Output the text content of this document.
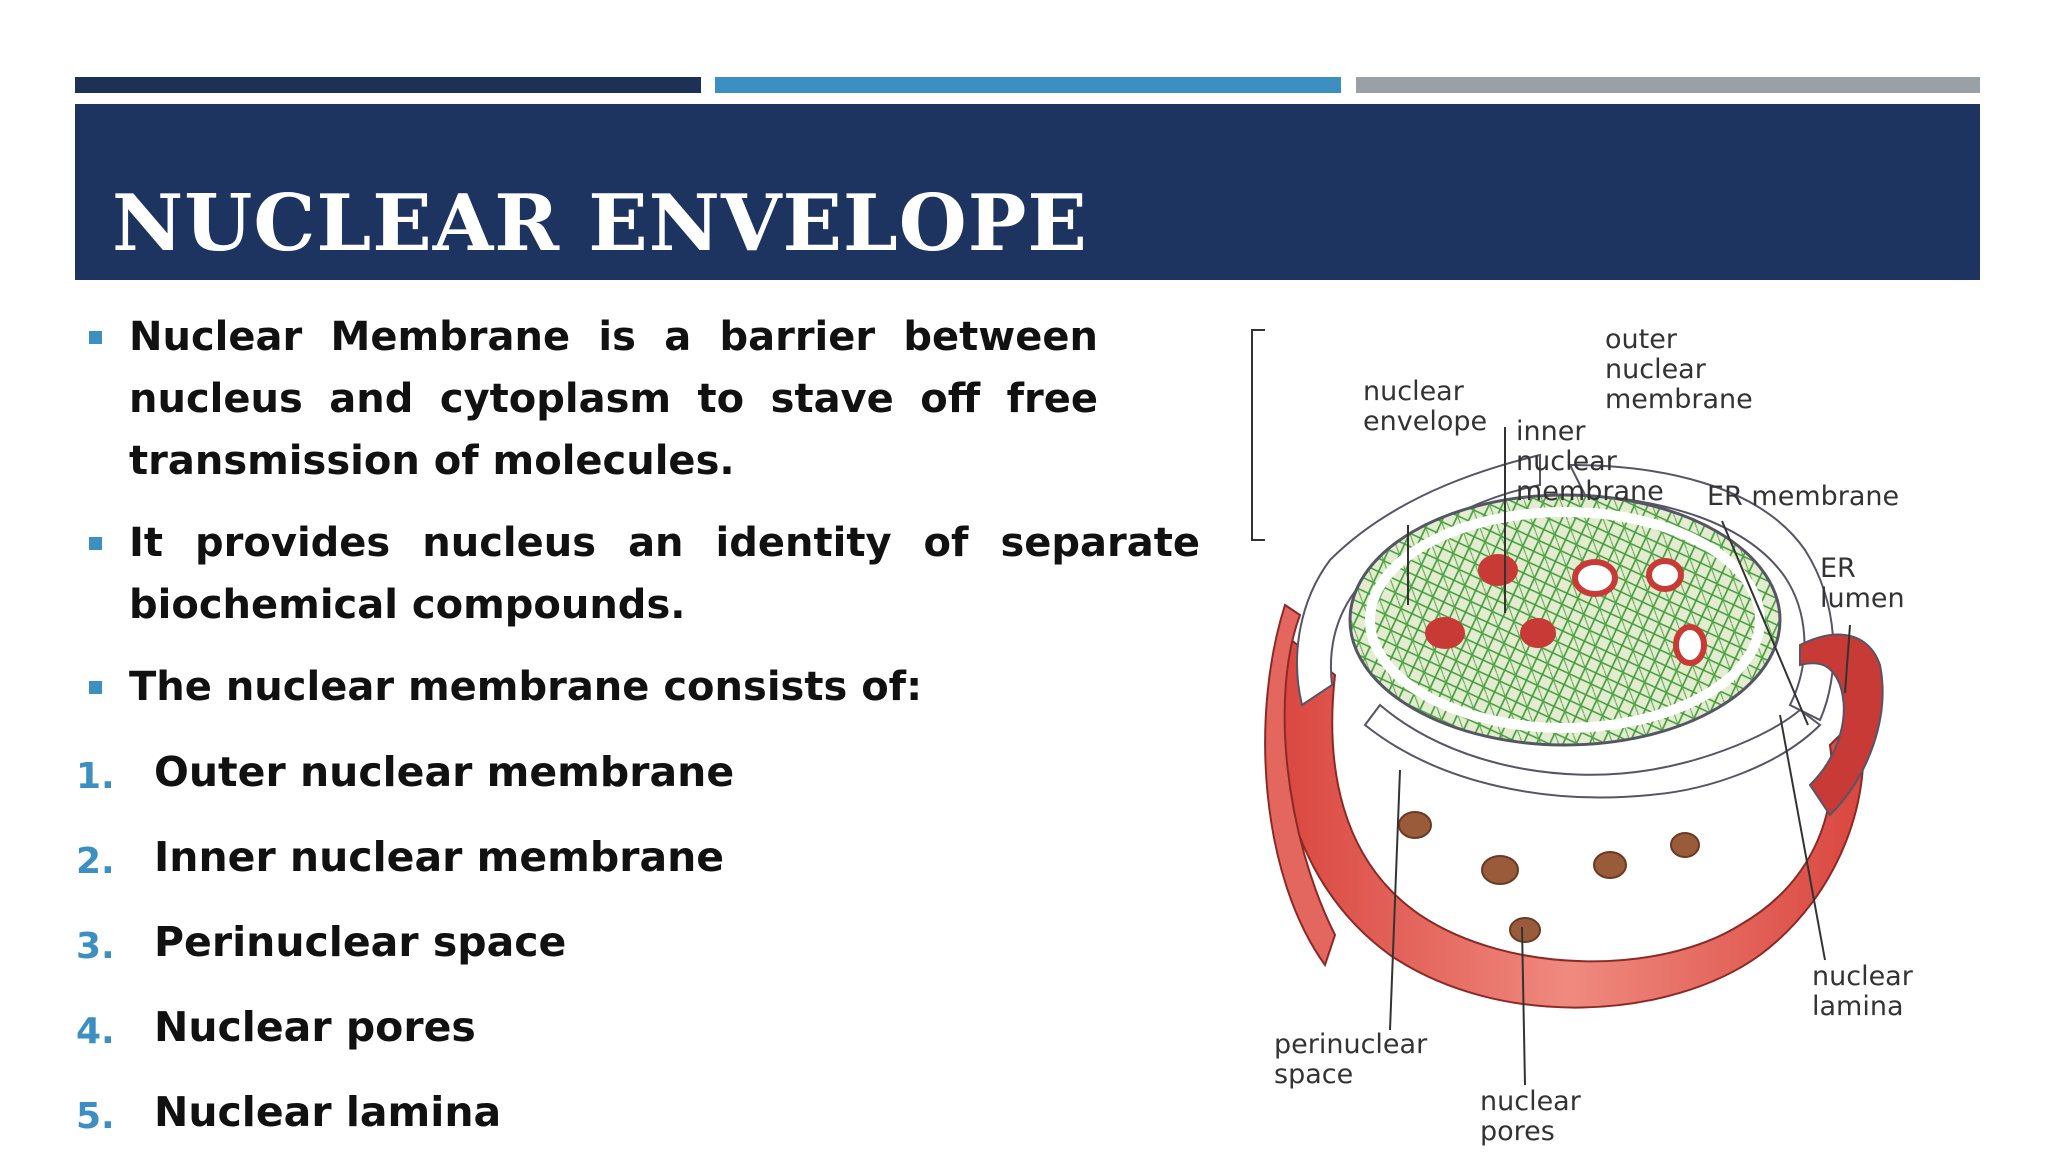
NUCLEAR ENVELOPE
Nuclear Membrane is a barrier between nucleus and cytoplasm to stave off free transmission of molecules.
It provides nucleus an identity of separate biochemical compounds.
The nuclear membrane consists of:
1. Outer nuclear membrane
2. Inner nuclear membrane
3. Perinuclear space
4. Nuclear pores
5. Nuclear lamina
nuclear envelope
outer nuclear membrane
inner nuclear membrane ER membrane
ER lumen
nuclear lamina
perinuclear space
nuclear pores
